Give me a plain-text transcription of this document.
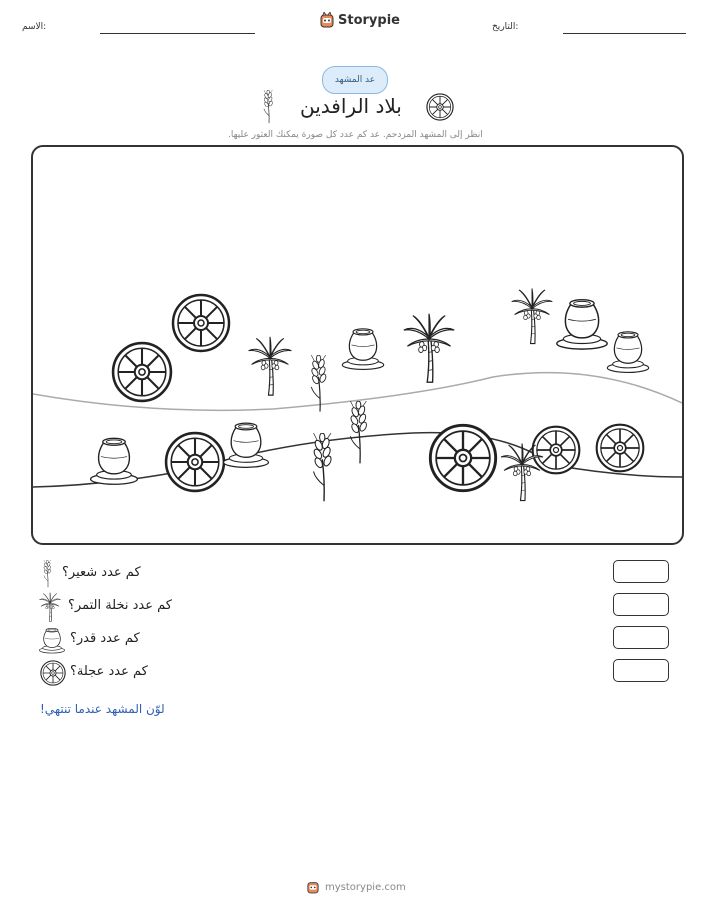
الاسم:	Storypie	التاريخ:
عد المشهد
بلاد الرافدين
انظر إلى المشهد المزدحم. عد كم عدد كل صورة يمكنك العثور عليها.
كم عدد شعير؟
كم عدد نخلة التمر؟
كم عدد قدر؟
كم عدد عجلة؟
لوّن المشهد عندما تنتهي!
mystorypie.com
